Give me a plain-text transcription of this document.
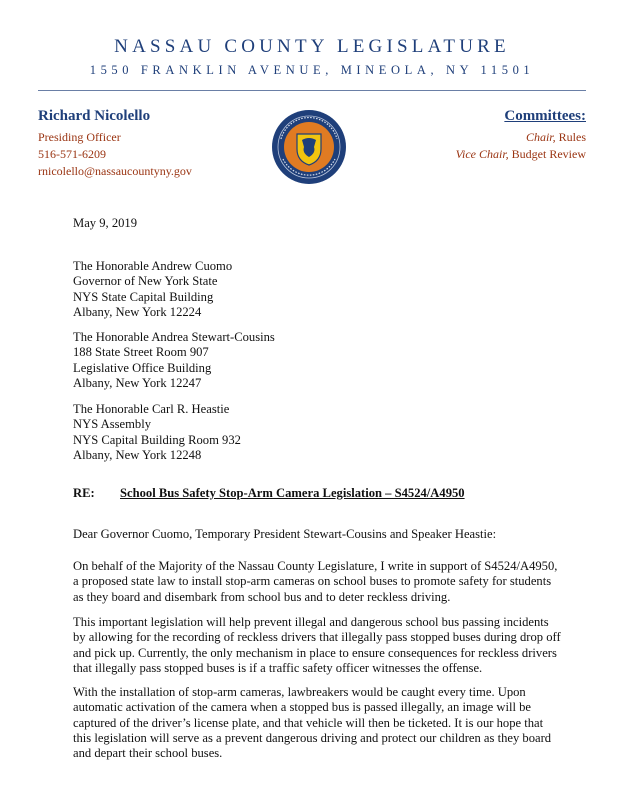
NASSAU COUNTY LEGISLATURE
1550 FRANKLIN AVENUE, MINEOLA, NY 11501
Richard Nicolello
Presiding Officer
516-571-6209
rnicolello@nassaucountyny.gov
Committees:
Chair, Rules
Vice Chair, Budget Review
May 9, 2019
The Honorable Andrew Cuomo
Governor of New York State
NYS State Capital Building
Albany, New York 12224
The Honorable Andrea Stewart-Cousins
188 State Street Room 907
Legislative Office Building
Albany, New York 12247
The Honorable Carl R. Heastie
NYS Assembly
NYS Capital Building Room 932
Albany, New York 12248
RE: School Bus Safety Stop-Arm Camera Legislation – S4524/A4950
Dear Governor Cuomo, Temporary President Stewart-Cousins and Speaker Heastie:
On behalf of the Majority of the Nassau County Legislature, I write in support of S4524/A4950,
a proposed state law to install stop-arm cameras on school buses to promote safety for students
as they board and disembark from school bus and to deter reckless driving.
This important legislation will help prevent illegal and dangerous school bus passing incidents
by allowing for the recording of reckless drivers that illegally pass stopped buses during drop off
and pick up. Currently, the only mechanism in place to ensure consequences for reckless drivers
that illegally pass stopped buses is if a traffic safety officer witnesses the offense.
With the installation of stop-arm cameras, lawbreakers would be caught every time. Upon
automatic activation of the camera when a stopped bus is passed illegally, an image will be
captured of the driver’s license plate, and that vehicle will then be ticketed. It is our hope that
this legislation will serve as a prevent dangerous driving and protect our children as they board
and depart their school buses.
